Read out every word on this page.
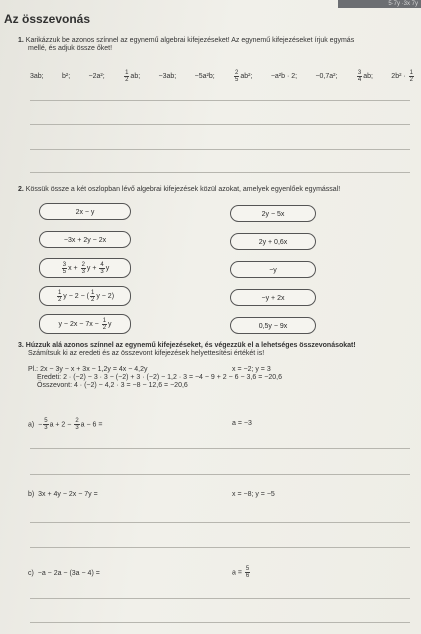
5·7y ·3x 7y
Az összevonás
1. Karikázzuk be azonos színnel az egynemű algebrai kifejezéseket! Az egynemű kifejezéseket írjuk egymás
mellé, és adjuk össze őket!
3ab;	b²;	−2a²;	$\frac{1}{2}$ ab;	−3ab;	−5a²b;	$\frac{2}{5} ab^2$;	−a²b · 2;	−0,7a²;	$\frac{3}{4}$ ab;	$2b^2 \cdot \frac{1}{2}$
2. Kössük össze a két oszlopban lévő algebrai kifejezések közül azokat, amelyek egyenlőek egymással!
2x − y
−3x + 2y − 2x
$\frac{3}{5}$ $x + \frac{2}{3}$ $y + \frac{4}{3}$ y
$\frac{1}{2}$ y − 2 − ( $\frac{1}{2}$ y − 2)
$y - 2x - 7x - \frac{1}{2}$ y
2y − 5x
2y + 0,6x
−y
−y + 2x
0,5y − 9x
3. Húzzuk alá azonos színnel az egynemű kifejezéseket, és végezzük el a lehetséges összevonásokat!
Számítsuk ki az eredeti és az összevont kifejezések helyettesítési értékét is!
Pl.: 2x − 3y − x + 3x − 1,2y = 4x − 4,2y	x = −2; y = 3
Eredeti: 2 · (−2) − 3 · 3 − (−2) + 3 · (−2) − 1,2 · 3 = −4 − 9 + 2 − 6 − 3,6 = −20,6
Összevont: 4 · (−2) − 4,2 · 3 = −8 − 12,6 = −20,6
$a) - \frac{5}{3}$ $a + 2 - \frac{2}{3}$ a − 6 =	a = −3
b) 3x + 4y − 2x − 7y =	x = −8; y = −5
c) −a − 2a − (3a − 4) =	$a = \frac{5}{6}$
